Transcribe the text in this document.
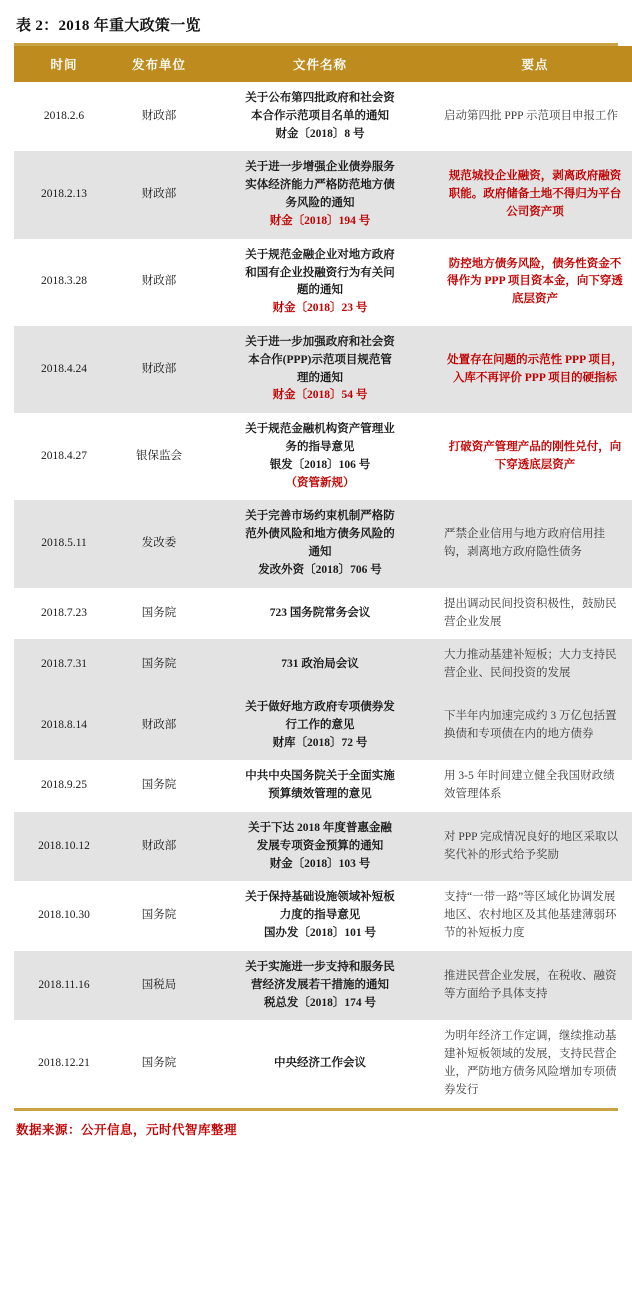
表 2：2018 年重大政策一览
时间	发布单位	文件名称	要点
2018.2.6	财政部	关于公布第四批政府和社会资
本合作示范项目名单的通知
财金〔2018〕8 号	启动第四批 PPP 示范项目申报工作
2018.2.13	财政部	关于进一步增强企业债券服务
实体经济能力严格防范地方债
务风险的通知
财金〔2018〕194 号	规范城投企业融资，剥离政府融资职能。政府储备土地不得归为平台公司资产项
2018.3.28	财政部	关于规范金融企业对地方政府
和国有企业投融资行为有关问
题的通知
财金〔2018〕23 号	防控地方债务风险，债务性资金不得作为 PPP 项目资本金，向下穿透底层资产
2018.4.24	财政部	关于进一步加强政府和社会资
本合作(PPP)示范项目规范管
理的通知
财金〔2018〕54 号	处置存在问题的示范性 PPP 项目，入库不再评价 PPP 项目的硬指标
2018.4.27	银保监会	关于规范金融机构资产管理业
务的指导意见
银发〔2018〕106 号
（资管新规）	打破资产管理产品的刚性兑付，向下穿透底层资产
2018.5.11	发改委	关于完善市场约束机制严格防
范外债风险和地方债务风险的
通知
发改外资〔2018〕706 号	严禁企业信用与地方政府信用挂钩，剥离地方政府隐性债务
2018.7.23	国务院	723 国务院常务会议	提出调动民间投资积极性，鼓励民营企业发展
2018.7.31	国务院	731 政治局会议	大力推动基建补短板；大力支持民营企业、民间投资的发展
2018.8.14	财政部	关于做好地方政府专项债券发
行工作的意见
财库〔2018〕72 号	下半年内加速完成约 3 万亿包括置换债和专项债在内的地方债券
2018.9.25	国务院	中共中央国务院关于全面实施
预算绩效管理的意见	用 3-5 年时间建立健全我国财政绩效管理体系
2018.10.12	财政部	关于下达 2018 年度普惠金融
发展专项资金预算的通知
财金〔2018〕103 号	对 PPP 完成情况良好的地区采取以奖代补的形式给予奖励
2018.10.30	国务院	关于保持基础设施领域补短板
力度的指导意见
国办发〔2018〕101 号	支持“一带一路”等区域化协调发展地区、农村地区及其他基建薄弱环节的补短板力度
2018.11.16	国税局	关于实施进一步支持和服务民
营经济发展若干措施的通知
税总发〔2018〕174 号	推进民营企业发展，在税收、融资等方面给予具体支持
2018.12.21	国务院	中央经济工作会议	为明年经济工作定调，继续推动基建补短板领域的发展，支持民营企业，严防地方债务风险增加专项债券发行
数据来源：公开信息，元时代智库整理
